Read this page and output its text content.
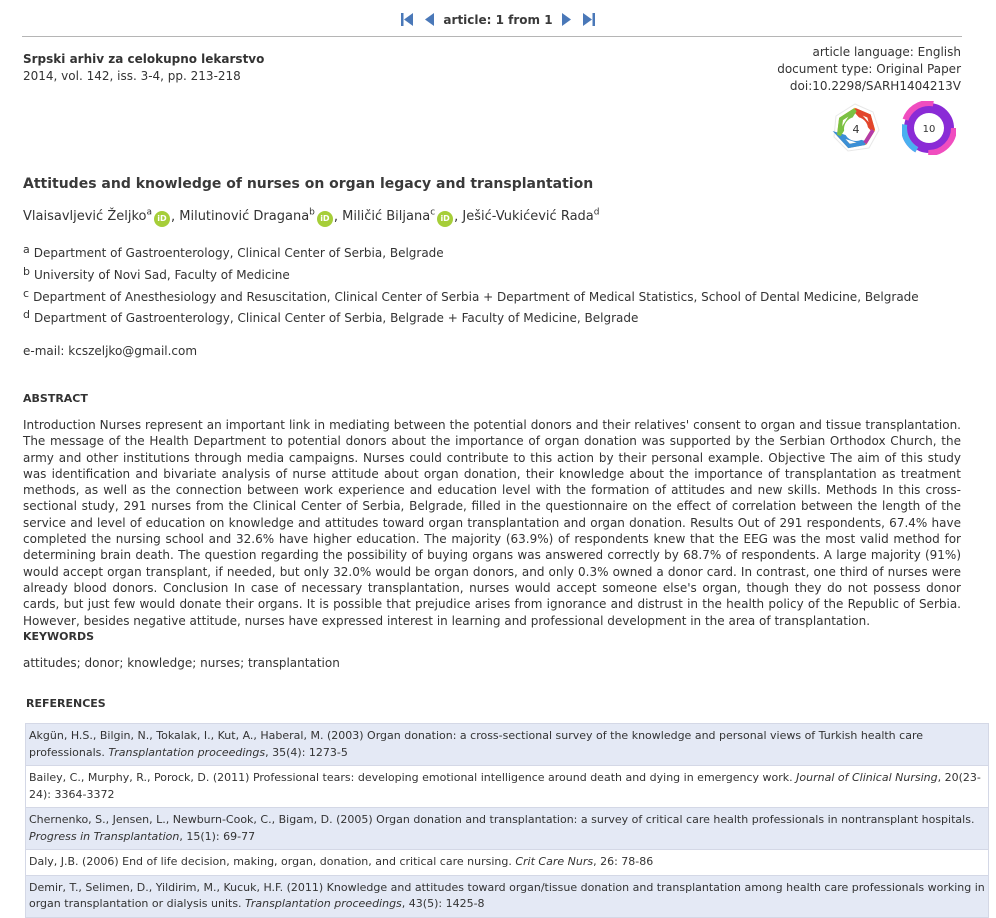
article: 1 from 1

Srpski arhiv za celokupno lekarstvo
2014, vol. 142, iss. 3-4, pp. 213-218
article language: English
document type: Original Paper
doi:10.2298/SARH1404213V
4	10
Attitudes and knowledge of nurses on organ legacy and transplantation
Vlaisavljević Željko$^a$iD , Milutinović Dragana$^b$iD , Miličić Biljana$^c$iD , Ješić-Vukićević Rada$^d$
$^a$ Department of Gastroenterology, Clinical Center of Serbia, Belgrade
$^b$ University of Novi Sad, Faculty of Medicine
$^c$ Department of Anesthesiology and Resuscitation, Clinical Center of Serbia + Department of Medical Statistics, School of Dental Medicine, Belgrade
$^d$ Department of Gastroenterology, Clinical Center of Serbia, Belgrade + Faculty of Medicine, Belgrade
e-mail: kcszeljko@gmail.com
ABSTRACT
Introduction Nurses represent an important link in mediating between the potential donors and their relatives' consent to organ and tissue transplantation. The message of the Health Department to potential donors about the importance of organ donation was supported by the Serbian Orthodox Church, the army and other institutions through media campaigns. Nurses could contribute to this action by their personal example. Objective The aim of this study was identification and bivariate analysis of nurse attitude about organ donation, their knowledge about the importance of transplantation as treatment methods, as well as the connection between work experience and education level with the formation of attitudes and new skills. Methods In this cross-sectional study, 291 nurses from the Clinical Center of Serbia, Belgrade, filled in the questionnaire on the effect of correlation between the length of the service and level of education on knowledge and attitudes toward organ transplantation and organ donation. Results Out of 291 respondents, 67.4% have completed the nursing school and 32.6% have higher education. The majority (63.9%) of respondents knew that the EEG was the most valid method for determining brain death. The question regarding the possibility of buying organs was answered correctly by 68.7% of respondents. A large majority (91%) would accept organ transplant, if needed, but only 32.0% would be organ donors, and only 0.3% owned a donor card. In contrast, one third of nurses were already blood donors. Conclusion In case of necessary transplantation, nurses would accept someone else's organ, though they do not possess donor cards, but just few would donate their organs. It is possible that prejudice arises from ignorance and distrust in the health policy of the Republic of Serbia. However, besides negative attitude, nurses have expressed interest in learning and professional development in the area of transplantation.
KEYWORDS
attitudes; donor; knowledge; nurses; transplantation
REFERENCES
Akgün, H.S., Bilgin, N., Tokalak, I., Kut, A., Haberal, M. (2003) Organ donation: a cross-sectional survey of the knowledge and personal views of Turkish health care professionals. Transplantation proceedings, 35(4): 1273-5
Bailey, C., Murphy, R., Porock, D. (2011) Professional tears: developing emotional intelligence around death and dying in emergency work. Journal of Clinical Nursing, 20(23-24): 3364-3372
Chernenko, S., Jensen, L., Newburn-Cook, C., Bigam, D. (2005) Organ donation and transplantation: a survey of critical care health professionals in nontransplant hospitals. Progress in Transplantation, 15(1): 69-77
Daly, J.B. (2006) End of life decision, making, organ, donation, and critical care nursing. Crit Care Nurs, 26: 78-86
Demir, T., Selimen, D., Yildirim, M., Kucuk, H.F. (2011) Knowledge and attitudes toward organ/tissue donation and transplantation among health care professionals working in organ transplantation or dialysis units. Transplantation proceedings, 43(5): 1425-8
